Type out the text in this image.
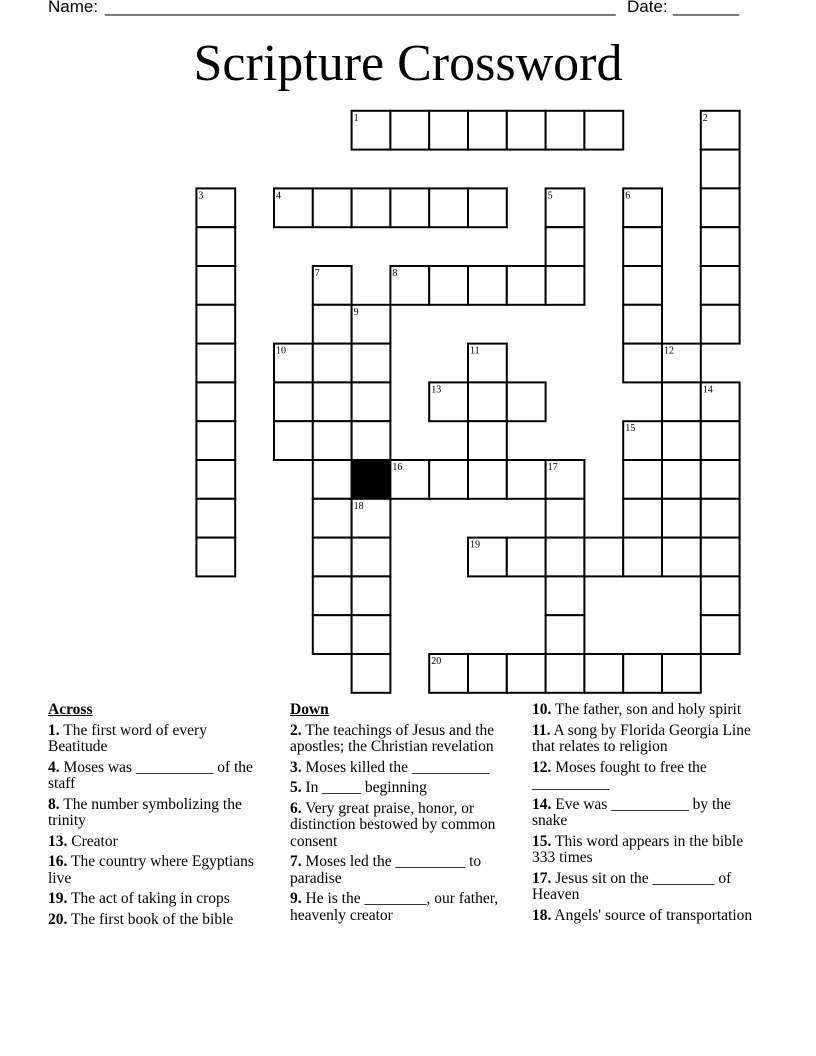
Name: ______________________________________________________ Date: _______
Scripture Crossword
1	2
3	4	5	6
7	8
9
10	11	12
13	14
15
16	17
18
19
20
Across
1. The first word of every Beatitude
4. Moses was __________ of the staff
8. The number symbolizing the trinity
13. Creator
16. The country where Egyptians live
19. The act of taking in crops
20. The first book of the bible
Down
2. The teachings of Jesus and the apostles; the Christian revelation
3. Moses killed the __________
5. In _____ beginning
6. Very great praise, honor, or distinction bestowed by common consent
7. Moses led the _________ to paradise
9. He is the ________, our father, heavenly creator
10. The father, son and holy spirit
11. A song by Florida Georgia Line that relates to religion
12. Moses fought to free the __________
14. Eve was __________ by the snake
15. This word appears in the bible 333 times
17. Jesus sit on the ________ of Heaven
18. Angels' source of transportation
